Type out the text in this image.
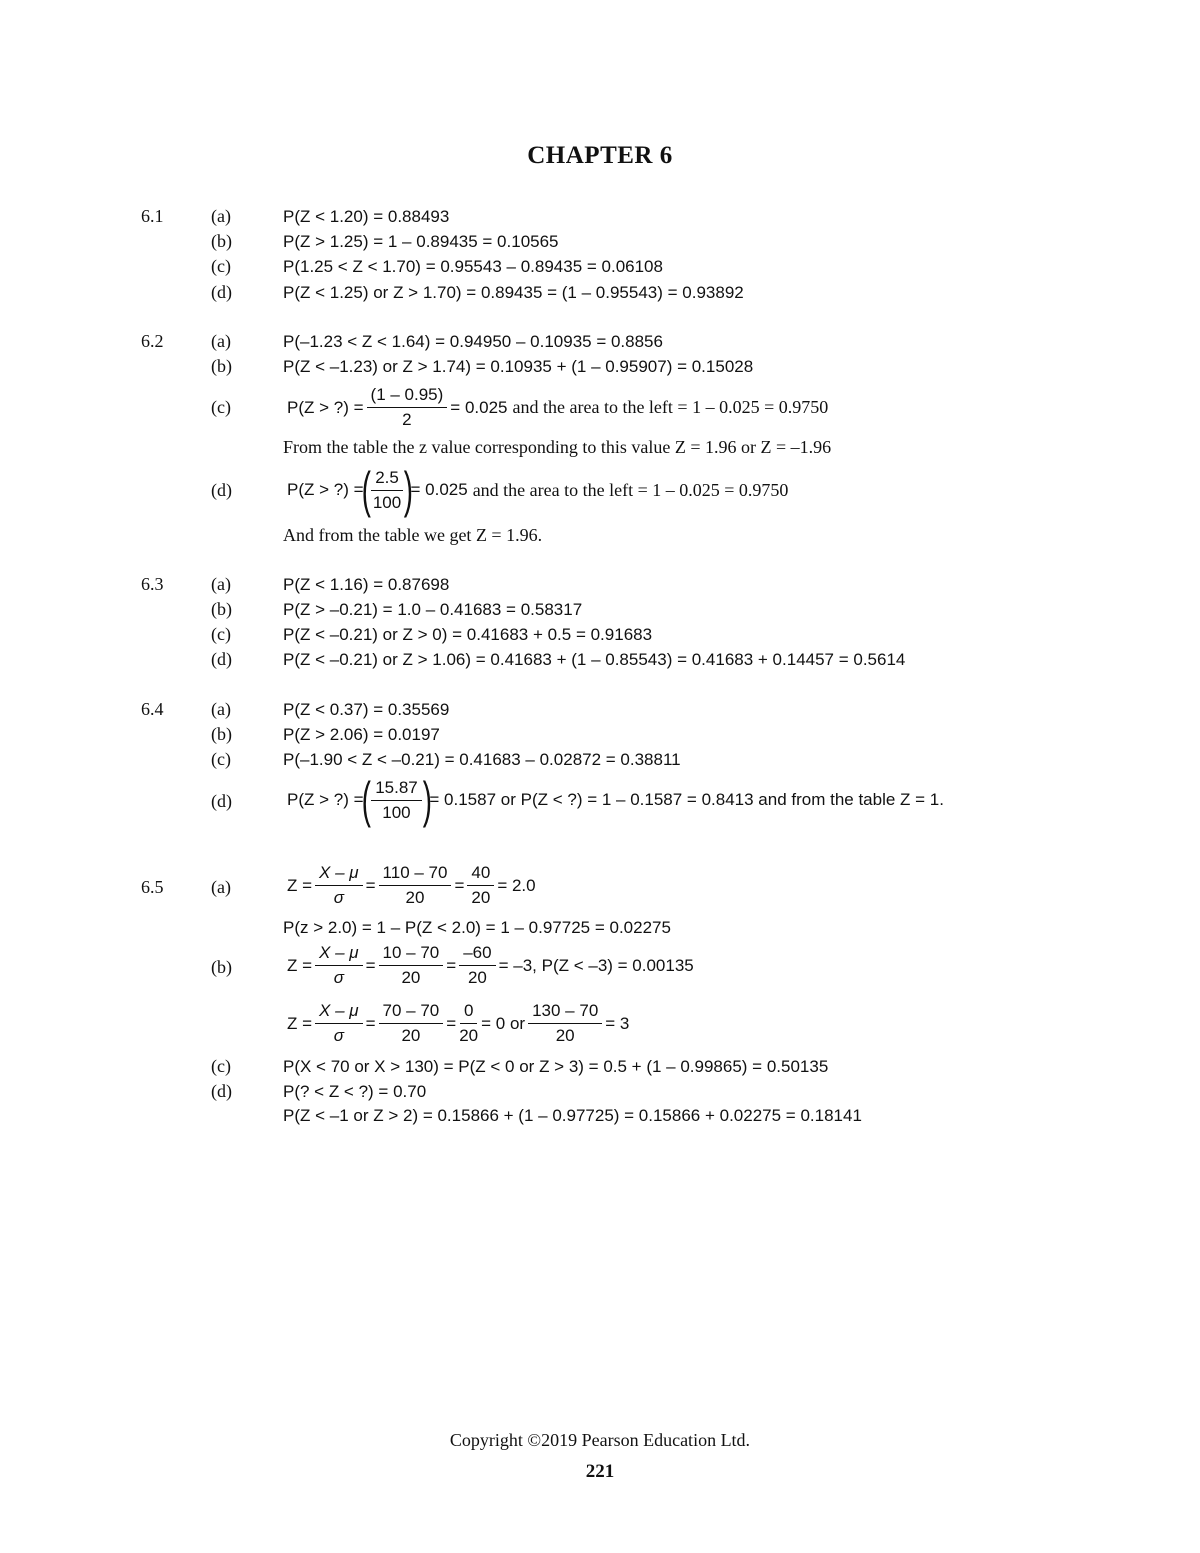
CHAPTER 6
6.1	(a)	P(Z < 1.20) = 0.88493
(b)	P(Z > 1.25) = 1 – 0.89435 = 0.10565
(c)	P(1.25 < Z < 1.70) = 0.95543 – 0.89435 = 0.06108
(d)	P(Z < 1.25) or Z > 1.70) = 0.89435 = (1 – 0.95543) = 0.93892
6.2	(a)	P(–1.23 < Z < 1.64) = 0.94950 – 0.10935 = 0.8856
(b)	P(Z < –1.23) or Z > 1.74) = 0.10935 + (1 – 0.95907) = 0.15028
(c)	P(Z > ?) = $\frac{(1 - 0.95)}{2} = 0.025$ and the area to the left = 1 – 0.025 = 0.9750
From the table the z value corresponding to this value Z = 1.96 or Z = –1.96
(d)	P(Z > ?) =
( $\frac{2.5}{100}$ )
= 0.025 and the area to the left = 1 – 0.025 = 0.9750
And from the table we get Z = 1.96.
6.3	(a)	P(Z < 1.16) = 0.87698
(b)	P(Z > –0.21) = 1.0 – 0.41683 = 0.58317
(c)	P(Z < –0.21) or Z > 0) = 0.41683 + 0.5 = 0.91683
(d)	P(Z < –0.21) or Z > 1.06) = 0.41683 + (1 – 0.85543) = 0.41683 + 0.14457 = 0.5614
6.4	(a)	P(Z < 0.37) = 0.35569
(b)	P(Z > 2.06) = 0.0197
(c)	P(–1.90 < Z < –0.21) = 0.41683 – 0.02872 = 0.38811
(d)	P(Z > ?) =
( $\frac{15.87}{100}$ )
= 0.1587 or P(Z < ?) = 1 – 0.1587 = 0.8413 and from the table Z = 1.
6.5	(a)	$Z = \frac{X - \mu}{\sigma} = \frac{110 - 70}{20} = \frac{40}{20} = 2.0$
P(z > 2.0) = 1 – P(Z < 2.0) = 1 – 0.97725 = 0.02275
(b)	$Z = \frac{X - \mu}{\sigma} = \frac{10 - 70}{20} = \frac{-60}{20} = -3$, P(Z < –3) = 0.00135
$Z = \frac{X - \mu}{\sigma} = \frac{70 - 70}{20} = \frac{0}{20} = 0$ or $\frac{130 - 70}{20} = 3$
(c)	P(X < 70 or X > 130) = P(Z < 0 or Z > 3) = 0.5 + (1 – 0.99865) = 0.50135
(d)	P(? < Z < ?) = 0.70
P(Z < –1 or Z > 2) = 0.15866 + (1 – 0.97725) = 0.15866 + 0.02275 = 0.18141
Copyright ©2019 Pearson Education Ltd.
221
